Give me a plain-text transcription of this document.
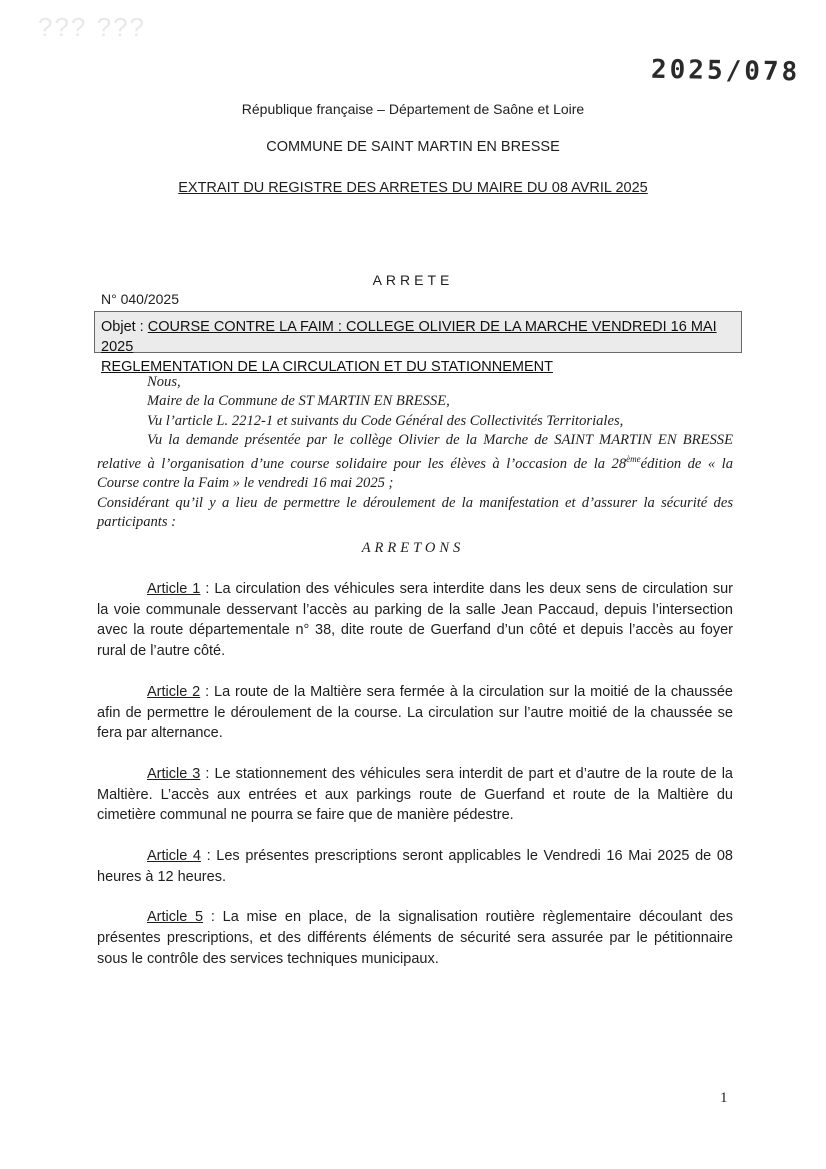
??? ???
2025/078
République française – Département de Saône et Loire
COMMUNE DE SAINT MARTIN EN BRESSE
EXTRAIT DU REGISTRE DES ARRETES DU MAIRE DU 08 AVRIL 2025
ARRETE
N° 040/2025
Objet : COURSE CONTRE LA FAIM : COLLEGE OLIVIER DE LA MARCHE VENDREDI 16 MAI 2025
REGLEMENTATION DE LA CIRCULATION ET DU STATIONNEMENT

Nous,

Maire de la Commune de ST MARTIN EN BRESSE,

Vu l’article L. 2212-1 et suivants du Code Général des Collectivités Territoriales,

Vu la demande présentée par le collège Olivier de la Marche de SAINT MARTIN EN BRESSE relative à l’organisation d’une course solidaire pour les élèves à l’occasion de la 28èmeédition de « la Course contre la Faim » le vendredi 16 mai 2025 ;

Considérant qu’il y a lieu de permettre le déroulement de la manifestation et d’assurer la sécurité des participants :

ARRETONS

Article 1 : La circulation des véhicules sera interdite dans les deux sens de circulation sur la voie communale desservant l’accès au parking de la salle Jean Paccaud, depuis l’intersection avec la route départementale n° 38, dite route de Guerfand d’un côté et depuis l’accès au foyer rural de l’autre côté.

Article 2 : La route de la Maltière sera fermée à la circulation sur la moitié de la chaussée afin de permettre le déroulement de la course. La circulation sur l’autre moitié de la chaussée se fera par alternance.

Article 3 : Le stationnement des véhicules sera interdit de part et d’autre de la route de la Maltière. L’accès aux entrées et aux parkings route de Guerfand et route de la Maltière du cimetière communal ne pourra se faire que de manière pédestre.

Article 4 : Les présentes prescriptions seront applicables le Vendredi 16 Mai 2025 de 08 heures à 12 heures.

Article 5 : La mise en place, de la signalisation routière règlementaire découlant des présentes prescriptions, et des différents éléments de sécurité sera assurée par le pétitionnaire sous le contrôle des services techniques municipaux.

1
